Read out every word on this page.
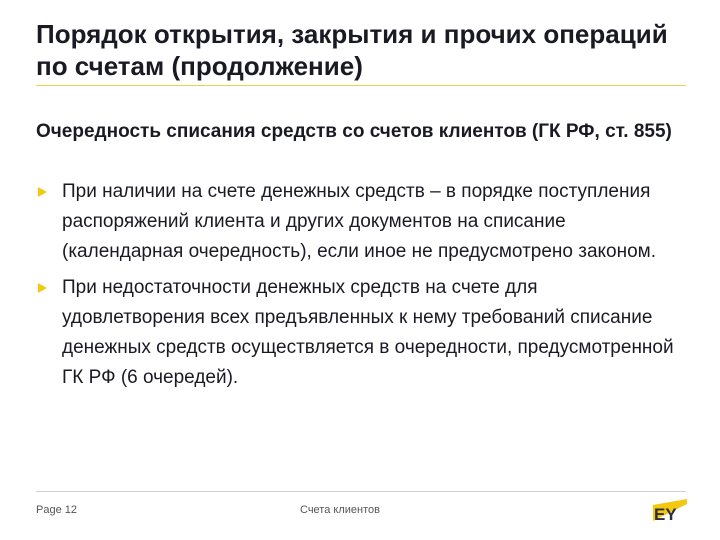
Порядок открытия, закрытия и прочих операций по счетам (продолжение)
Очередность списания средств со счетов клиентов (ГК РФ, ст. 855)
При наличии на счете денежных средств – в порядке поступления распоряжений клиента и других документов на списание (календарная очередность), если иное не предусмотрено законом.
При недостаточности денежных средств на счете для удовлетворения всех предъявленных к нему требований списание денежных средств осуществляется в очередности, предусмотренной ГК РФ (6 очередей).
Page 12	Счета клиентов	EY
